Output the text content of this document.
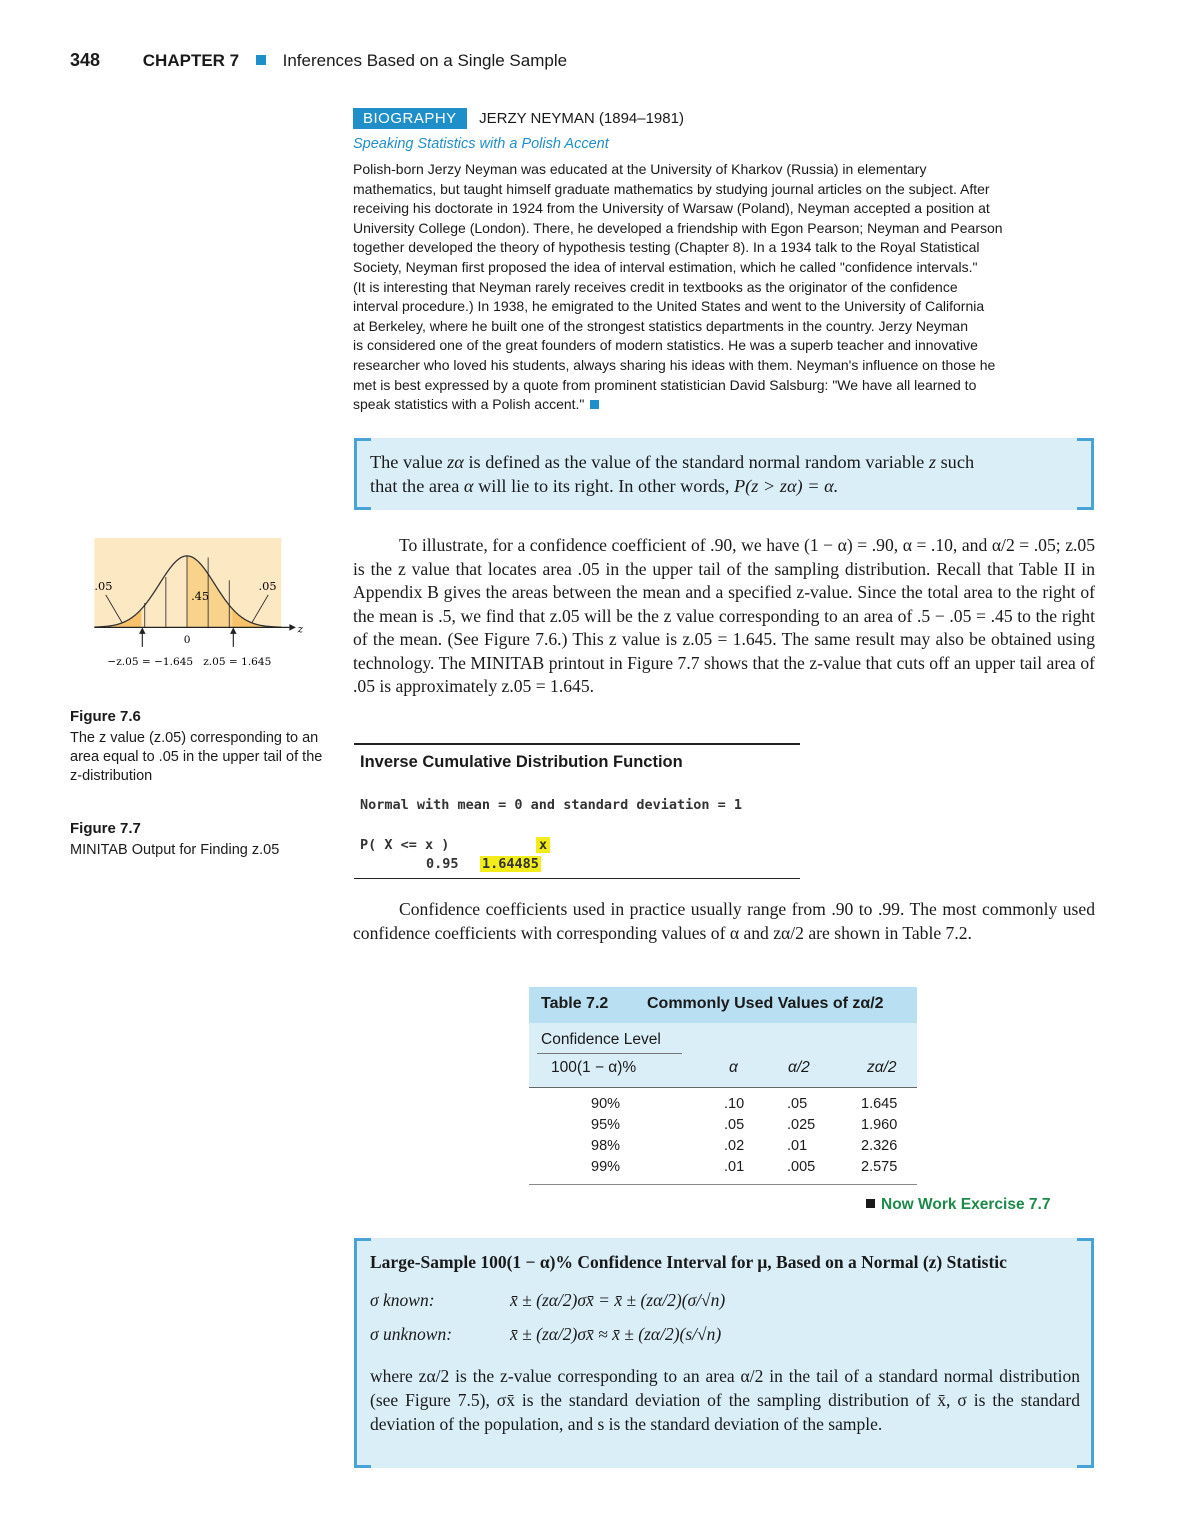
348	CHAPTER 7	Inferences Based on a Single Sample
BIOGRAPHY JERZY NEYMAN (1894–1981)
Speaking Statistics with a Polish Accent
Polish-born Jerzy Neyman was educated at the University of Kharkov (Russia) in elementary
mathematics, but taught himself graduate mathematics by studying journal articles on the subject. After
receiving his doctorate in 1924 from the University of Warsaw (Poland), Neyman accepted a position at
University College (London). There, he developed a friendship with Egon Pearson; Neyman and Pearson
together developed the theory of hypothesis testing (Chapter 8). In a 1934 talk to the Royal Statistical
Society, Neyman first proposed the idea of interval estimation, which he called "confidence intervals."
(It is interesting that Neyman rarely receives credit in textbooks as the originator of the confidence
interval procedure.) In 1938, he emigrated to the United States and went to the University of California
at Berkeley, where he built one of the strongest statistics departments in the country. Jerzy Neyman
is considered one of the great founders of modern statistics. He was a superb teacher and innovative
researcher who loved his students, always sharing his ideas with them. Neyman's influence on those he
met is best expressed by a quote from prominent statistician David Salsburg: "We have all learned to
speak statistics with a Polish accent."
The value zα is defined as the value of the standard normal random variable z such
that the area α will lie to its right. In other words, P(z > zα) = α.
.05
.45
.05
z
0
−z.05 = −1.645 z.05 = 1.645
Figure 7.6
The z value (z.05) corresponding to an area equal to .05 in the upper tail of the z-distribution
Figure 7.7
MINITAB Output for Finding z.05

To illustrate, for a confidence coefficient of .90, we have (1 − α) = .90, α = .10, and α/2 = .05; z.05 is the z value that locates area .05 in the upper tail of the sampling distribution. Recall that Table II in Appendix B gives the areas between the mean and a specified z-value. Since the total area to the right of the mean is .5, we find that z.05 will be the z value corresponding to an area of .5 − .05 = .45 to the right of the mean. (See Figure 7.6.) This z value is z.05 = 1.645. The same result may also be obtained using technology. The MINITAB printout in Figure 7.7 shows that the z-value that cuts off an upper tail area of .05 is approximately z.05 = 1.645.

Inverse Cumulative Distribution Function
Normal with mean = 0 and standard deviation = 1
P( X <= x )	x
0.95 1.64485

Confidence coefficients used in practice usually range from .90 to .99. The most commonly used confidence coefficients with corresponding values of α and zα/2 are shown in Table 7.2.

Table 7.2 Commonly Used Values of zα/2
Confidence Level
100(1 − α)%	α	α/2	zα/2
90%	.10	.05	1.645
95%	.05	.025	1.960
98%	.02	.01	2.326
99%	.01	.005	2.575
Now Work Exercise 7.7
Large-Sample 100(1 − α)% Confidence Interval for μ, Based on a Normal (z) Statistic
σ known:	x̄ ± (zα/2)σx̄ = x̄ ± (zα/2)(σ/√n)
σ unknown:	x̄ ± (zα/2)σx̄ ≈ x̄ ± (zα/2)(s/√n)
where zα/2 is the z-value corresponding to an area α/2 in the tail of a standard normal distribution (see Figure 7.5), σx̄ is the standard deviation of the sampling distribution of x̄, σ is the standard deviation of the population, and s is the standard deviation of the sample.
